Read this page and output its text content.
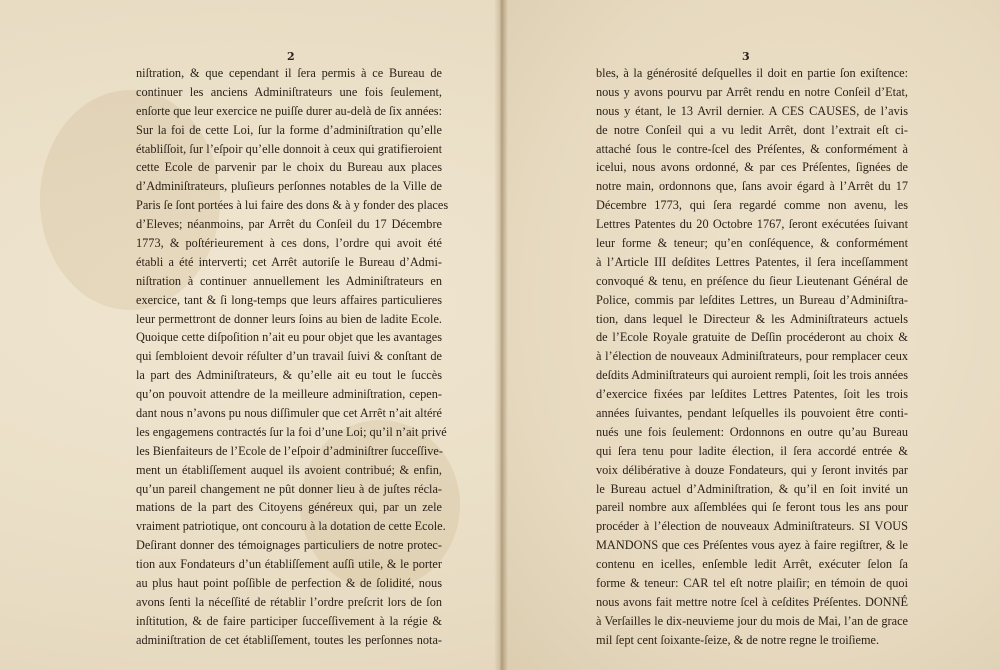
2
niſtration, & que cependant il ſera permis à ce Bureau de
continuer les anciens Adminiſtrateurs une fois ſeulement,
enſorte que leur exercice ne puiſſe durer au-delà de ſix années:
Sur la foi de cette Loi, ſur la forme d’adminiſtration qu’elle
établiſſoit, ſur l’eſpoir qu’elle donnoit à ceux qui gratifieroient
cette Ecole de parvenir par le choix du Bureau aux places
d’Adminiſtrateurs, pluſieurs perſonnes notables de la Ville de
Paris ſe ſont portées à lui faire des dons & à y fonder des places
d’Eleves; néanmoins, par Arrêt du Conſeil du 17 Décembre
1773, & poſtérieurement à ces dons, l’ordre qui avoit été
établi a été interverti; cet Arrêt autoriſe le Bureau d’Admi-
niſtration à continuer annuellement les Adminiſtrateurs en
exercice, tant & ſi long-temps que leurs affaires particulieres
leur permettront de donner leurs ſoins au bien de ladite Ecole.
Quoique cette diſpoſition n’ait eu pour objet que les avantages
qui ſembloient devoir réſulter d’un travail ſuivi & conſtant de
la part des Adminiſtrateurs, & qu’elle ait eu tout le ſuccès
qu’on pouvoit attendre de la meilleure adminiſtration, cepen-
dant nous n’avons pu nous diſſimuler que cet Arrêt n’ait altéré
les engagemens contractés ſur la foi d’une Loi; qu’il n’ait privé
les Bienfaiteurs de l’Ecole de l’eſpoir d’adminiſtrer ſucceſſive-
ment un établiſſement auquel ils avoient contribué; & enfin,
qu’un pareil changement ne pût donner lieu à de juſtes récla-
mations de la part des Citoyens généreux qui, par un zele
vraiment patriotique, ont concouru à la dotation de cette Ecole.
Deſirant donner des témoignages particuliers de notre protec-
tion aux Fondateurs d’un établiſſement auſſi utile, & le porter
au plus haut point poſſible de perfection & de ſolidité, nous
avons ſenti la néceſſité de rétablir l’ordre preſcrit lors de ſon
inſtitution, & de faire participer ſucceſſivement à la régie &
adminiſtration de cet établiſſement, toutes les perſonnes nota-
3
bles, à la générosité deſquelles il doit en partie ſon exiſtence:
nous y avons pourvu par Arrêt rendu en notre Conſeil d’Etat,
nous y étant, le 13 Avril dernier. A CES CAUSES, de l’avis
de notre Conſeil qui a vu ledit Arrêt, dont l’extrait eſt ci-
attaché ſous le contre-ſcel des Préſentes, & conformément à
icelui, nous avons ordonné, & par ces Préſentes, ſignées de
notre main, ordonnons que, ſans avoir égard à l’Arrêt du 17
Décembre 1773, qui ſera regardé comme non avenu, les
Lettres Patentes du 20 Octobre 1767, ſeront exécutées ſuivant
leur forme & teneur; qu’en conſéquence, & conformément
à l’Article III deſdites Lettres Patentes, il ſera inceſſamment
convoqué & tenu, en préſence du ſieur Lieutenant Général de
Police, commis par leſdites Lettres, un Bureau d’Adminiſtra-
tion, dans lequel le Directeur & les Adminiſtrateurs actuels
de l’Ecole Royale gratuite de Deſſin procéderont au choix &
à l’élection de nouveaux Adminiſtrateurs, pour remplacer ceux
deſdits Adminiſtrateurs qui auroient rempli, ſoit les trois années
d’exercice fixées par leſdites Lettres Patentes, ſoit les trois
années ſuivantes, pendant leſquelles ils pouvoient être conti-
nués une fois ſeulement: Ordonnons en outre qu’au Bureau
qui ſera tenu pour ladite élection, il ſera accordé entrée &
voix délibérative à douze Fondateurs, qui y ſeront invités par
le Bureau actuel d’Adminiſtration, & qu’il en ſoit invité un
pareil nombre aux aſſemblées qui ſe feront tous les ans pour
procéder à l’élection de nouveaux Adminiſtrateurs. SI VOUS
MANDONS que ces Préſentes vous ayez à faire regiſtrer, & le
contenu en icelles, enſemble ledit Arrêt, exécuter ſelon ſa
forme & teneur: CAR tel eſt notre plaiſir; en témoin de quoi
nous avons fait mettre notre ſcel à ceſdites Préſentes. DONNÉ
à Verſailles le dix-neuvieme jour du mois de Mai, l’an de grace
mil ſept cent ſoixante-ſeize, & de notre regne le troiſieme.
